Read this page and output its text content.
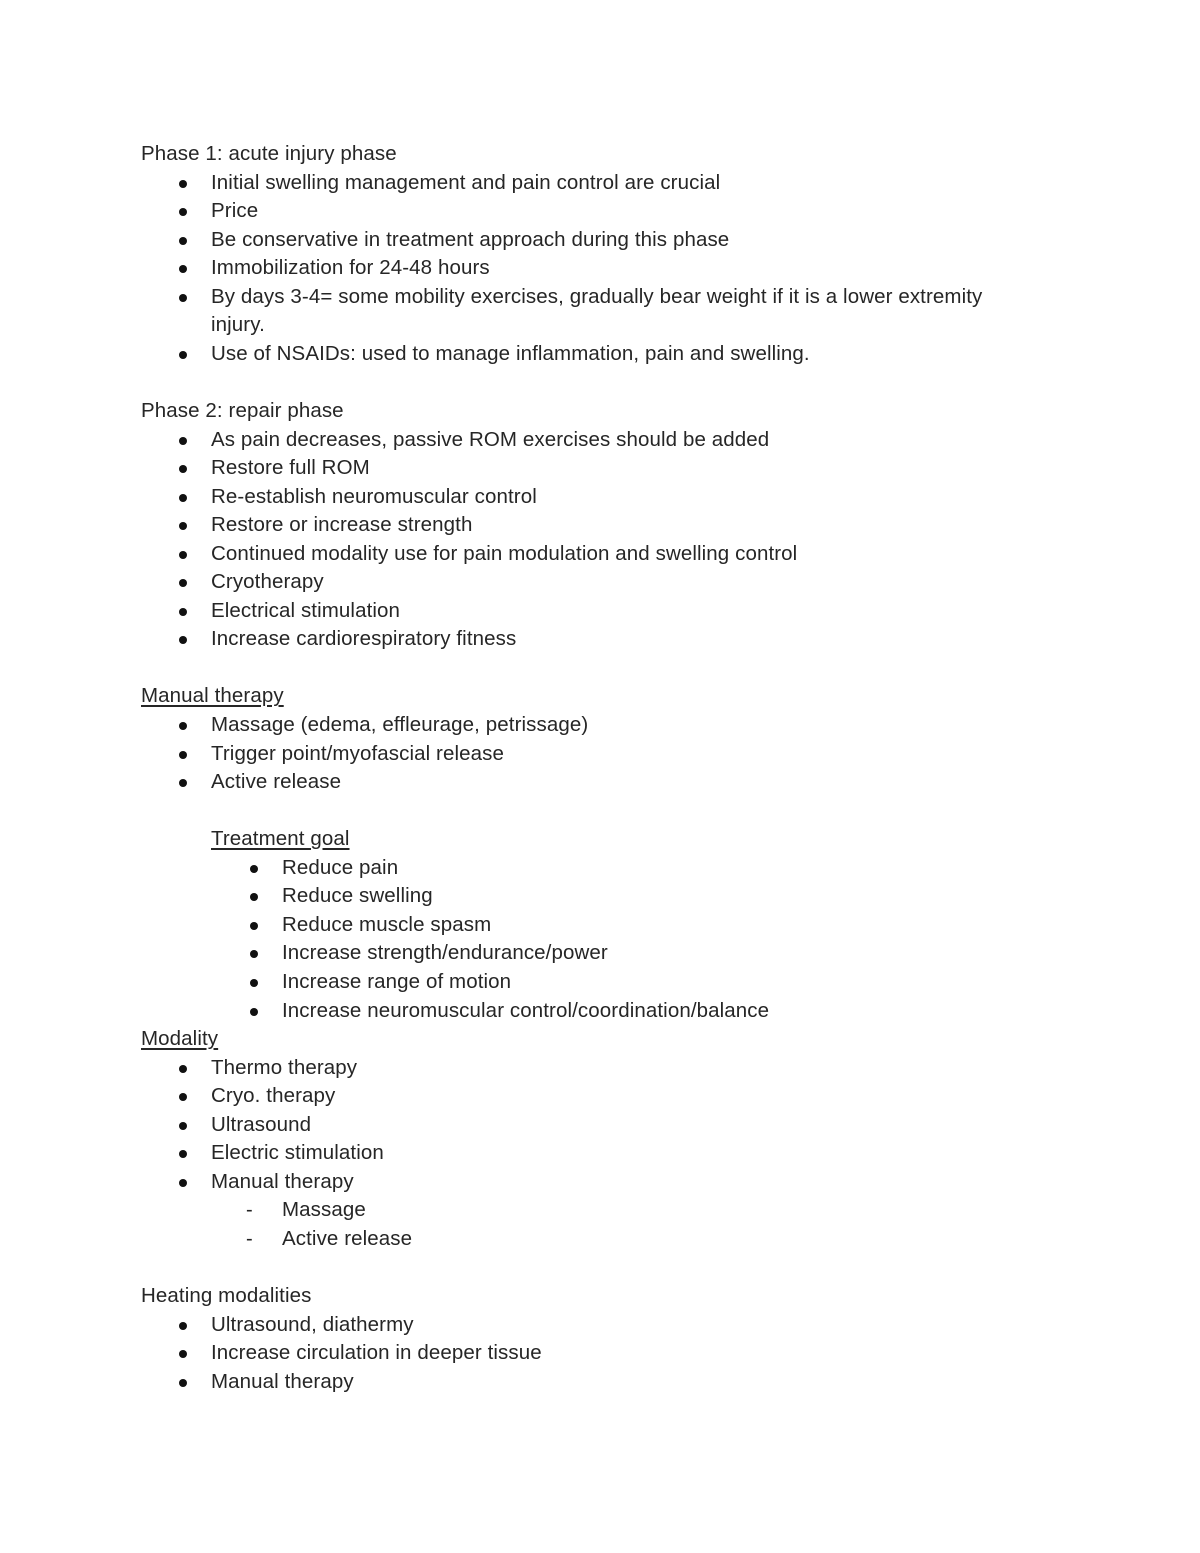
Phase 1: acute injury phase
Initial swelling management and pain control are crucial
Price
Be conservative in treatment approach during this phase
Immobilization for 24-48 hours
By days 3-4= some mobility exercises, gradually bear weight if it is a lower extremity
injury.
Use of NSAIDs: used to manage inflammation, pain and swelling.
Phase 2: repair phase
As pain decreases, passive ROM exercises should be added
Restore full ROM
Re-establish neuromuscular control
Restore or increase strength
Continued modality use for pain modulation and swelling control
Cryotherapy
Electrical stimulation
Increase cardiorespiratory fitness
Manual therapy
Massage (edema, effleurage, petrissage)
Trigger point/myofascial release
Active release
Treatment goal
Reduce pain
Reduce swelling
Reduce muscle spasm
Increase strength/endurance/power
Increase range of motion
Increase neuromuscular control/coordination/balance
Modality
Thermo therapy
Cryo. therapy
Ultrasound
Electric stimulation
Manual therapy
- Massage
- Active release
Heating modalities
Ultrasound, diathermy
Increase circulation in deeper tissue
Manual therapy
